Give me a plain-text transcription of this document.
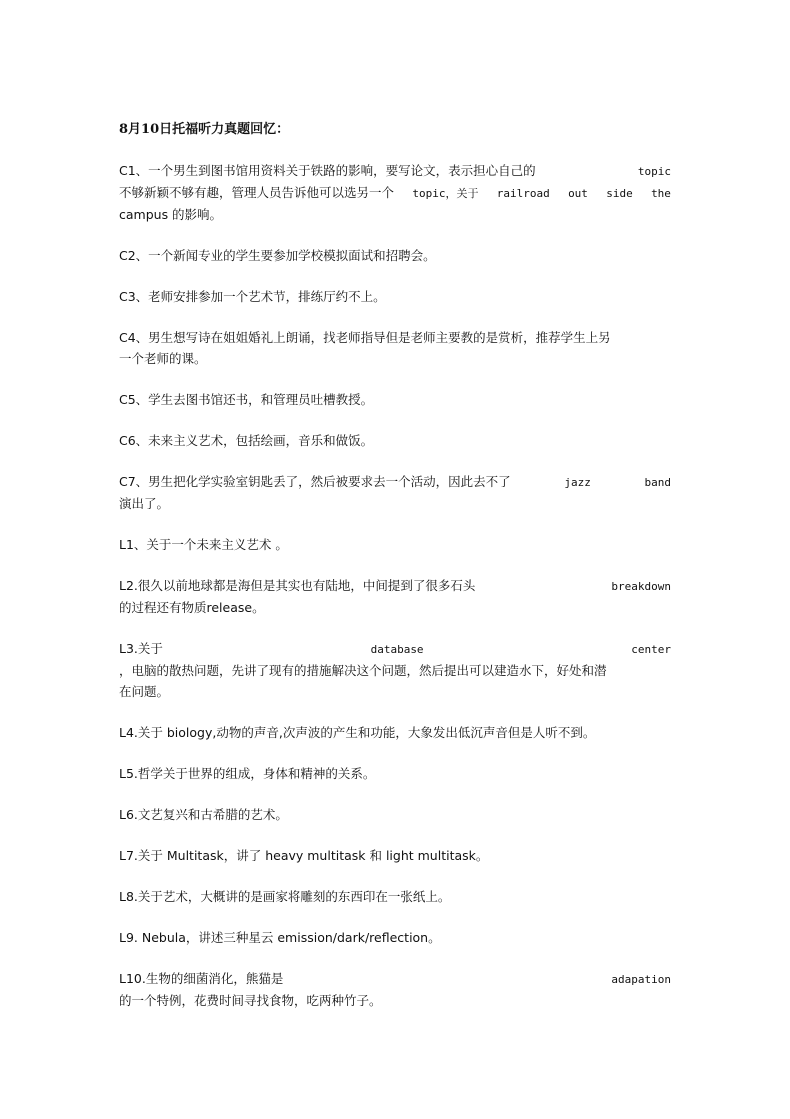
8月10日托福听力真题回忆：
C1、一个男生到图书馆用资料关于铁路的影响，要写论文，表示担心自己的	topic
不够新颖不够有趣，管理人员告诉他可以选另一个 topic，关于 railroad out side the
campus 的影响。
C2、一个新闻专业的学生要参加学校模拟面试和招聘会。
C3、老师安排参加一个艺术节，排练厅约不上。
C4、男生想写诗在姐姐婚礼上朗诵，找老师指导但是老师主要教的是赏析，推荐学生上另
一个老师的课。
C5、学生去图书馆还书，和管理员吐槽教授。
C6、未来主义艺术，包括绘画，音乐和做饭。
C7、男生把化学实验室钥匙丢了，然后被要求去一个活动，因此去不了	jazz	band
演出了。
L1、关于一个未来主义艺术 。
L2.很久以前地球都是海但是其实也有陆地，中间提到了很多石头	breakdown
的过程还有物质release。
L3.关于	database	center
，电脑的散热问题，先讲了现有的措施解决这个问题，然后提出可以建造水下，好处和潜
在问题。
L4.关于 biology,动物的声音,次声波的产生和功能，大象发出低沉声音但是人听不到。
L5.哲学关于世界的组成，身体和精神的关系。
L6.文艺复兴和古希腊的艺术。
L7.关于 Multitask，讲了 heavy multitask 和 light multitask。
L8.关于艺术，大概讲的是画家将雕刻的东西印在一张纸上。
L9. Nebula，讲述三种星云 emission/dark/reflection。
L10.生物的细菌消化，熊猫是	adapation
的一个特例，花费时间寻找食物，吃两种竹子。
